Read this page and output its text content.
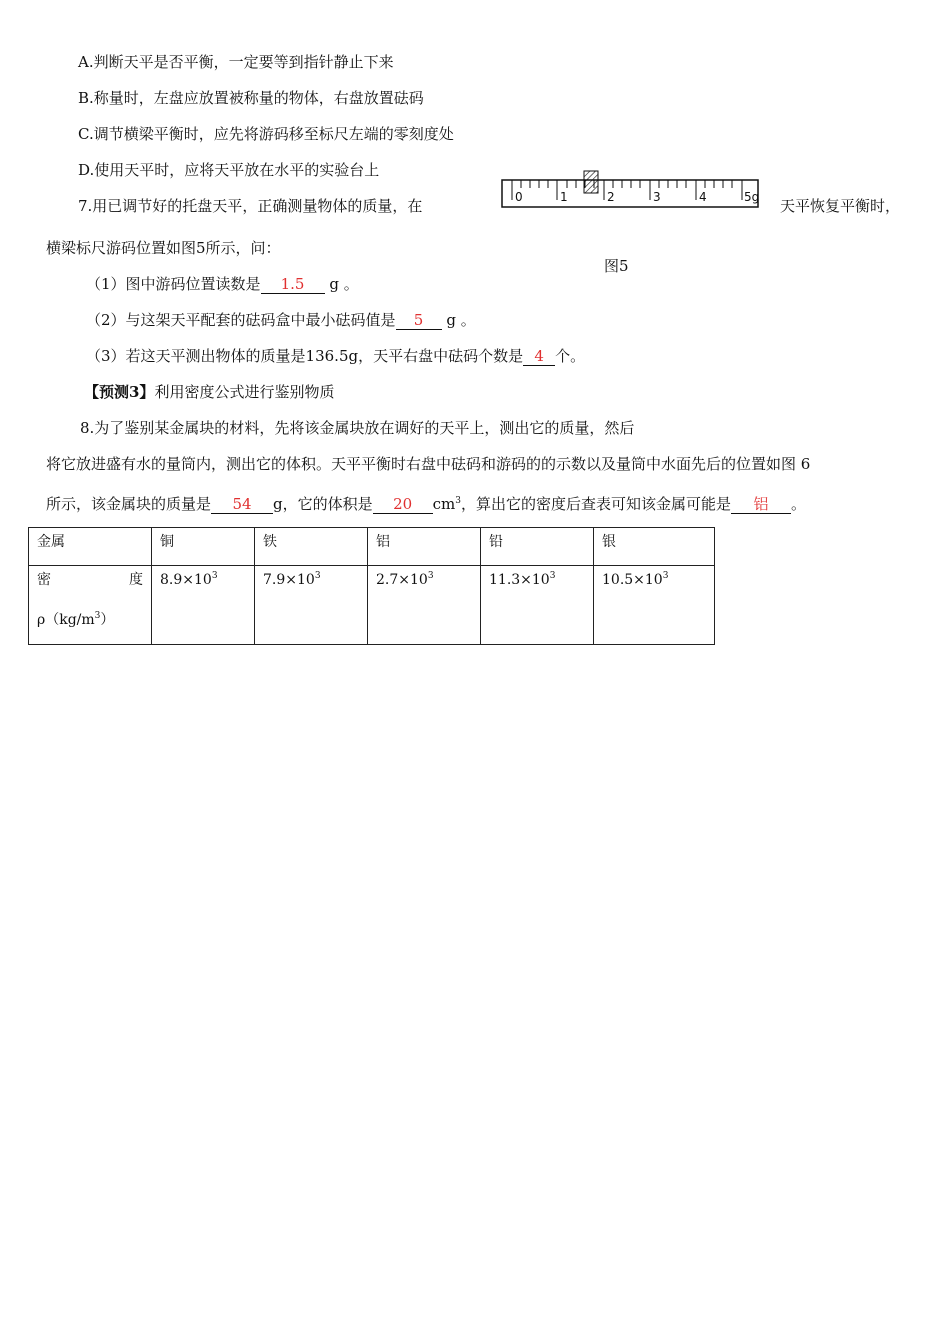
A.判断天平是否平衡，一定要等到指针静止下来
B.称量时，左盘应放置被称量的物体，右盘放置砝码
C.调节横梁平衡时，应先将游码移至标尺左端的零刻度处
D.使用天平时，应将天平放在水平的实验台上
7.用已调节好的托盘天平，正确测量物体的质量，在	0	1	2	3	4	5g 天平恢复平衡时，
横梁标尺游码位置如图5所示，问：
图5
（1）图中游码位置读数是 1.5 g 。
（2）与这架天平配套的砝码盒中最小砝码值是 5 g 。
（3）若这天平测出物体的质量是136.5g，天平右盘中砝码个数是 4 个。
【预测3】利用密度公式进行鉴别物质
8.为了鉴别某金属块的材料，先将该金属块放在调好的天平上，测出它的质量，然后
将它放进盛有水的量筒内，测出它的体积。天平平衡时右盘中砝码和游码的的示数以及量筒中水面先后的位置如图 6
所示，该金属块的质量是 54 g，它的体积是 20 $cm^3$，算出它的密度后查表可知该金属可能是 铝 。
金属	铜	铁	铝	铅	银

密 度
$\rho(kg/m^3)$	$8.9\times 10^3$	$7.9\times 10^3$	$2.7\times 10^3$	$11.3\times 10^3$	$10.5\times 10^3$
